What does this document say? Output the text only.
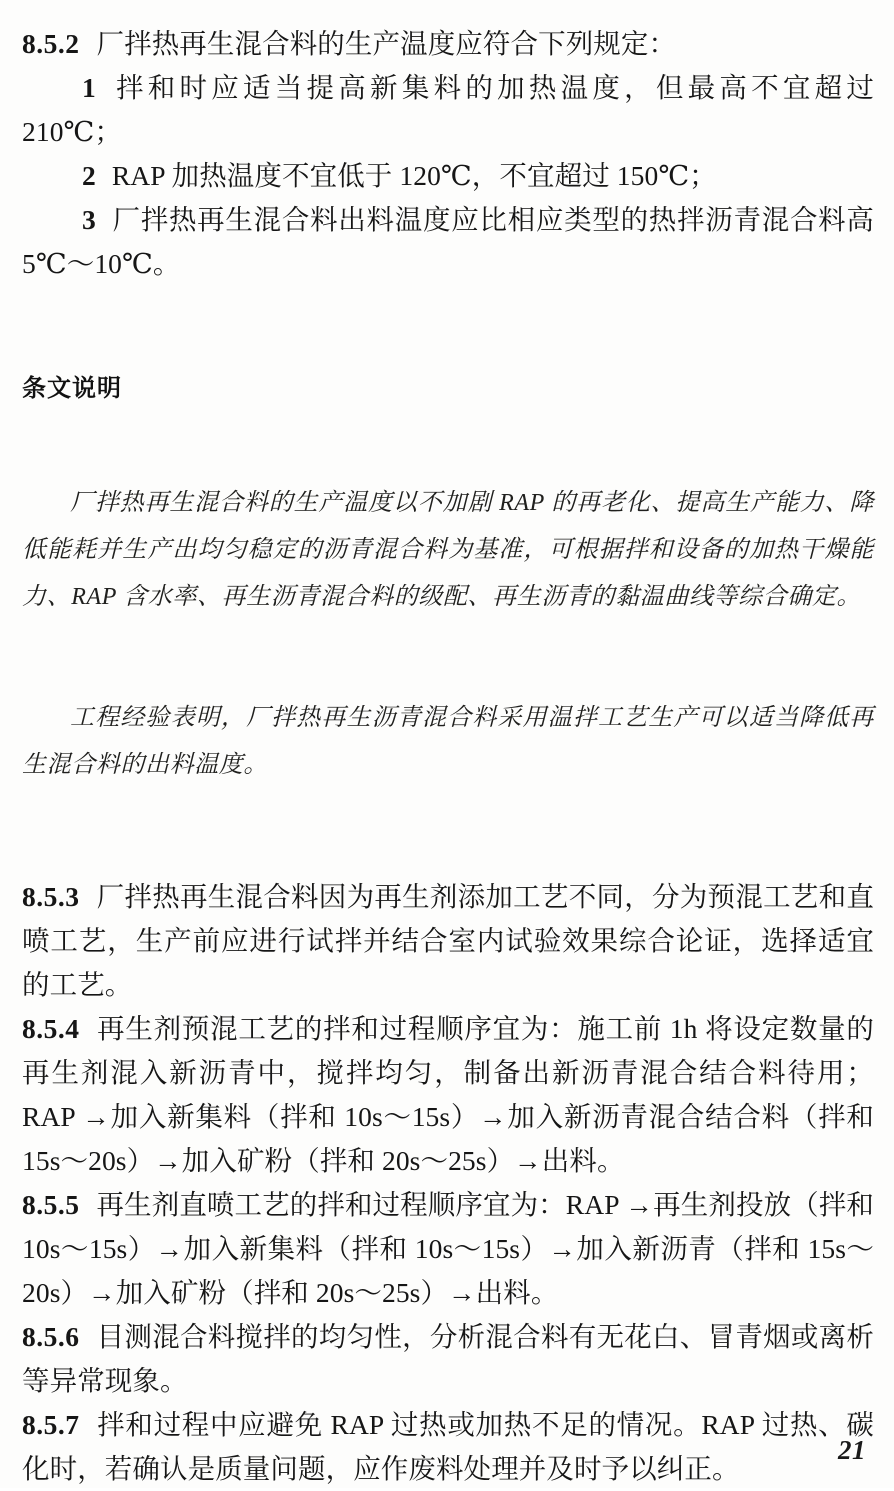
8.5.2 厂拌热再生混合料的生产温度应符合下列规定：

1 拌和时应适当提高新集料的加热温度，但最高不宜超过 210℃；

2 RAP 加热温度不宜低于 120℃，不宜超过 150℃；

3 厂拌热再生混合料出料温度应比相应类型的热拌沥青混合料高 5℃～10℃。

条文说明

厂拌热再生混合料的生产温度以不加剧 RAP 的再老化、提高生产能力、降低能耗并生产出均匀稳定的沥青混合料为基准，可根据拌和设备的加热干燥能力、RAP 含水率、再生沥青混合料的级配、再生沥青的黏温曲线等综合确定。

工程经验表明，厂拌热再生沥青混合料采用温拌工艺生产可以适当降低再生混合料的出料温度。

8.5.3 厂拌热再生混合料因为再生剂添加工艺不同，分为预混工艺和直喷工艺，生产前应进行试拌并结合室内试验效果综合论证，选择适宜的工艺。

8.5.4 再生剂预混工艺的拌和过程顺序宜为：施工前 1h 将设定数量的再生剂混入新沥青中，搅拌均匀，制备出新沥青混合结合料待用；RAP →加入新集料（拌和 10s～15s）→加入新沥青混合结合料（拌和 15s～20s）→加入矿粉（拌和 20s～25s）→出料。

8.5.5 再生剂直喷工艺的拌和过程顺序宜为：RAP →再生剂投放（拌和 10s～15s）→加入新集料（拌和 10s～15s）→加入新沥青（拌和 15s～20s）→加入矿粉（拌和 20s～25s）→出料。

8.5.6 目测混合料搅拌的均匀性，分析混合料有无花白、冒青烟或离析等异常现象。

8.5.7 拌和过程中应避免 RAP 过热或加热不足的情况。RAP 过热、碳化时，若确认是质量问题，应作废料处理并及时予以纠正。

21
